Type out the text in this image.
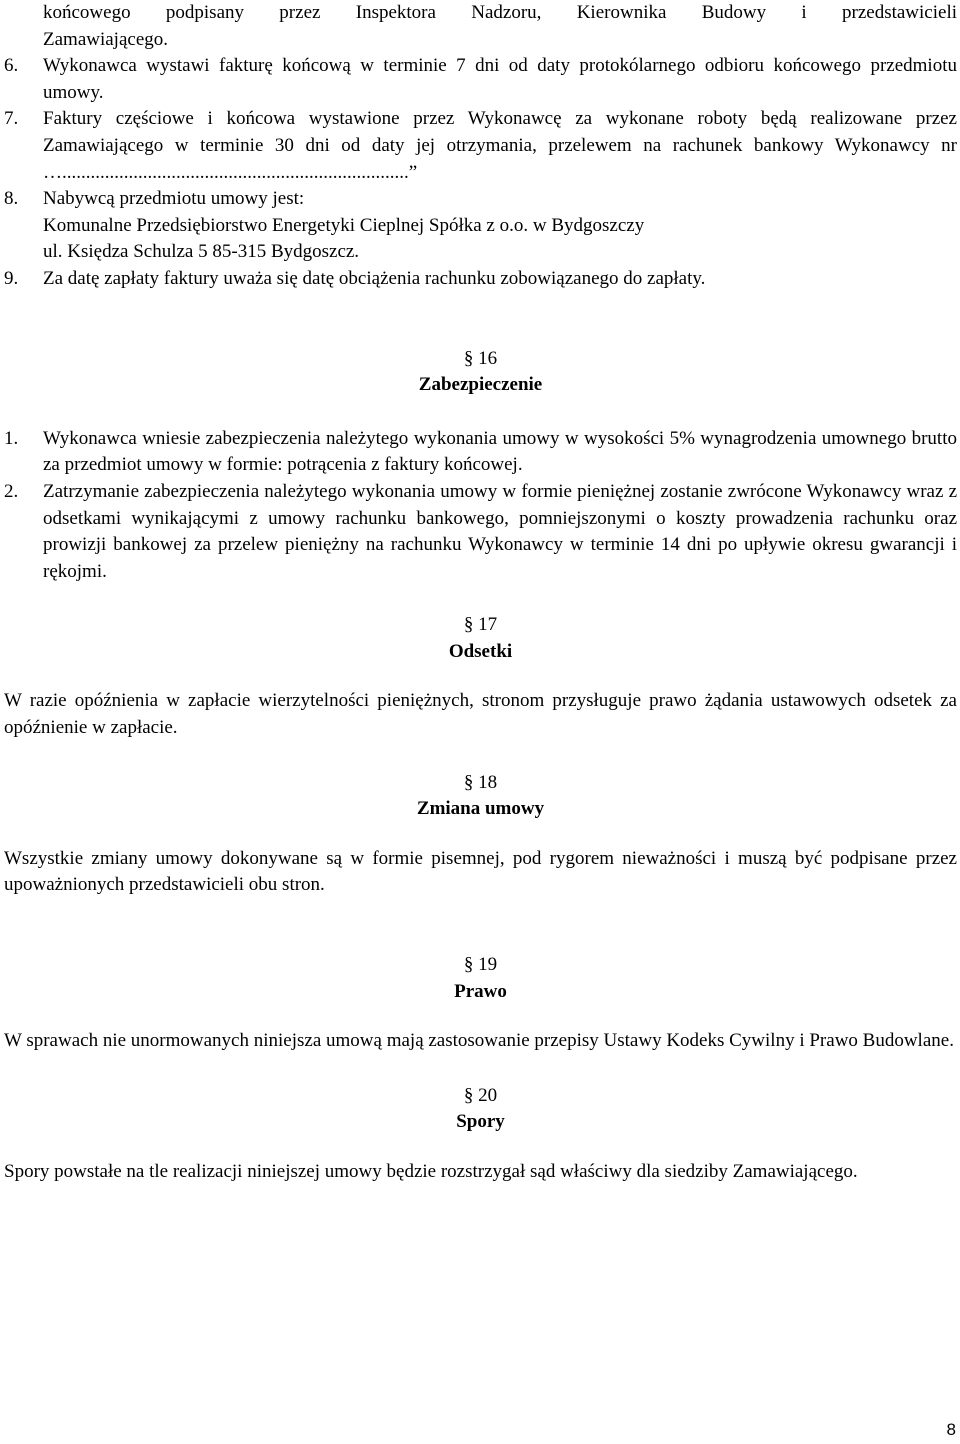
końcowego podpisany przez Inspektora Nadzoru, Kierownika Budowy i przedstawicieli

Zamawiającego.

6. Wykonawca wystawi fakturę końcową w terminie 7 dni od daty protokólarnego odbioru końcowego przedmiotu umowy.

7. Faktury częściowe i końcowa wystawione przez Wykonawcę za wykonane roboty będą realizowane przez Zamawiającego w terminie 30 dni od daty jej otrzymania, przelewem na rachunek bankowy Wykonawcy nr ….........................................................................”

8. Nabywcą przedmiotu umowy jest:

Komunalne Przedsiębiorstwo Energetyki Cieplnej Spółka z o.o. w Bydgoszczy

ul. Księdza Schulza 5 85-315 Bydgoszcz.

9. Za datę zapłaty faktury uważa się datę obciążenia rachunku zobowiązanego do zapłaty.

§ 16

Zabezpieczenie

1. Wykonawca wniesie zabezpieczenia należytego wykonania umowy w wysokości 5% wynagrodzenia umownego brutto za przedmiot umowy w formie: potrącenia z faktury końcowej.

2. Zatrzymanie zabezpieczenia należytego wykonania umowy w formie pieniężnej zostanie zwrócone Wykonawcy wraz z odsetkami wynikającymi z umowy rachunku bankowego, pomniejszonymi o koszty prowadzenia rachunku oraz prowizji bankowej za przelew pieniężny na rachunku Wykonawcy w terminie 14 dni po upływie okresu gwarancji i rękojmi.

§ 17

Odsetki

W razie opóźnienia w zapłacie wierzytelności pieniężnych, stronom przysługuje prawo żądania ustawowych odsetek za opóźnienie w zapłacie.

§ 18

Zmiana umowy

Wszystkie zmiany umowy dokonywane są w formie pisemnej, pod rygorem nieważności i muszą być podpisane przez upoważnionych przedstawicieli obu stron.

§ 19

Prawo

W sprawach nie unormowanych niniejsza umową mają zastosowanie przepisy Ustawy Kodeks Cywilny i Prawo Budowlane.

§ 20

Spory

Spory powstałe na tle realizacji niniejszej umowy będzie rozstrzygał sąd właściwy dla siedziby Zamawiającego.

8
